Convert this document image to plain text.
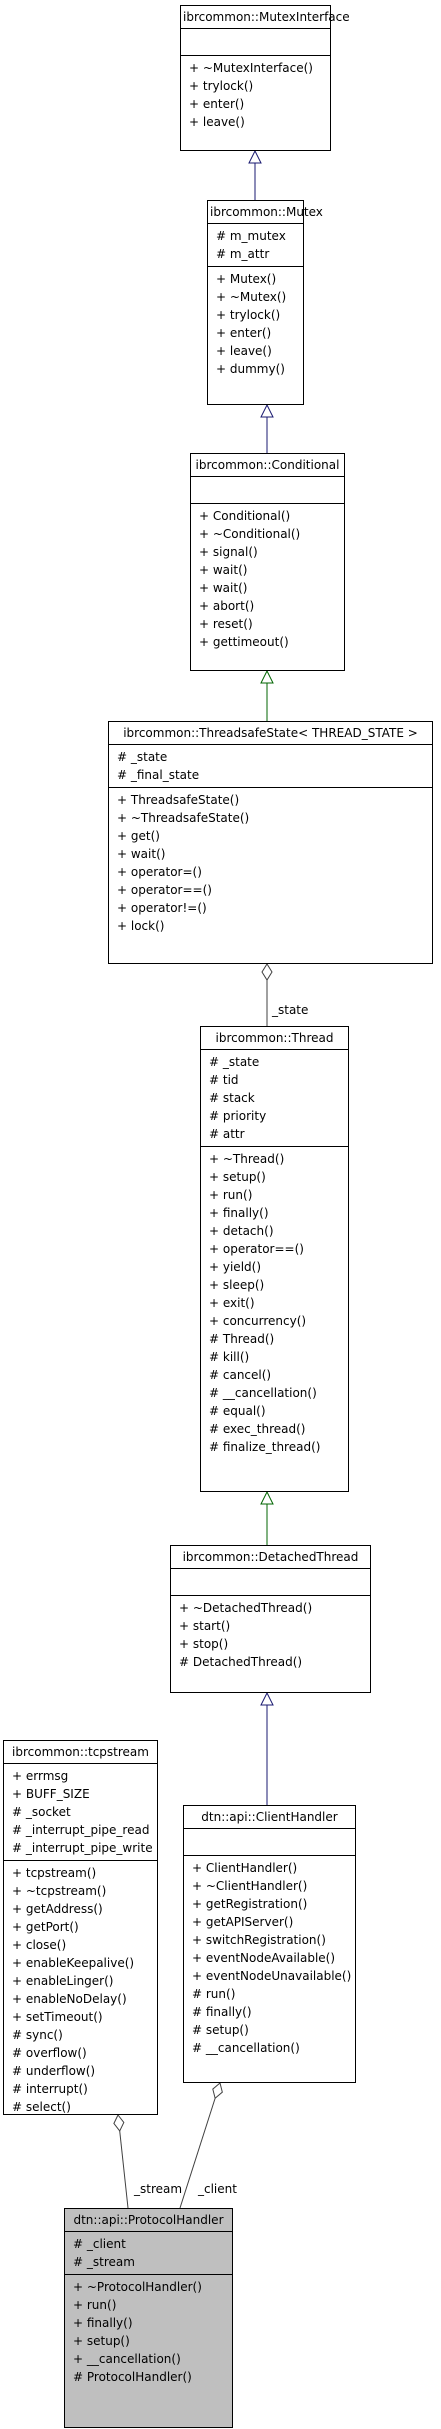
ibrcommon::MutexInterface
+ ~MutexInterface()
+ trylock()
+ enter()
+ leave()
ibrcommon::Mutex
# m_mutex
# m_attr
+ Mutex()
+ ~Mutex()
+ trylock()
+ enter()
+ leave()
+ dummy()
ibrcommon::Conditional
+ Conditional()
+ ~Conditional()
+ signal()
+ wait()
+ wait()
+ abort()
+ reset()
+ gettimeout()
ibrcommon::ThreadsafeState< THREAD_STATE >
# _state
# _final_state
+ ThreadsafeState()
+ ~ThreadsafeState()
+ get()
+ wait()
+ operator=()
+ operator==()
+ operator!=()
+ lock()
ibrcommon::Thread
# _state
# tid
# stack
# priority
# attr
+ ~Thread()
+ setup()
+ run()
+ finally()
+ detach()
+ operator==()
+ yield()
+ sleep()
+ exit()
+ concurrency()
# Thread()
# kill()
# cancel()
# __cancellation()
# equal()
# exec_thread()
# finalize_thread()
ibrcommon::DetachedThread
+ ~DetachedThread()
+ start()
+ stop()
# DetachedThread()
ibrcommon::tcpstream
+ errmsg
+ BUFF_SIZE
# _socket
# _interrupt_pipe_read
# _interrupt_pipe_write
+ tcpstream()
+ ~tcpstream()
+ getAddress()
+ getPort()
+ close()
+ enableKeepalive()
+ enableLinger()
+ enableNoDelay()
+ setTimeout()
# sync()
# overflow()
# underflow()
# interrupt()
# select()
dtn::api::ClientHandler
+ ClientHandler()
+ ~ClientHandler()
+ getRegistration()
+ getAPIServer()
+ switchRegistration()
+ eventNodeAvailable()
+ eventNodeUnavailable()
# run()
# finally()
# setup()
# __cancellation()
dtn::api::ProtocolHandler
# _client
# _stream
+ ~ProtocolHandler()
+ run()
+ finally()
+ setup()
+ __cancellation()
# ProtocolHandler()
_state
_stream _client
